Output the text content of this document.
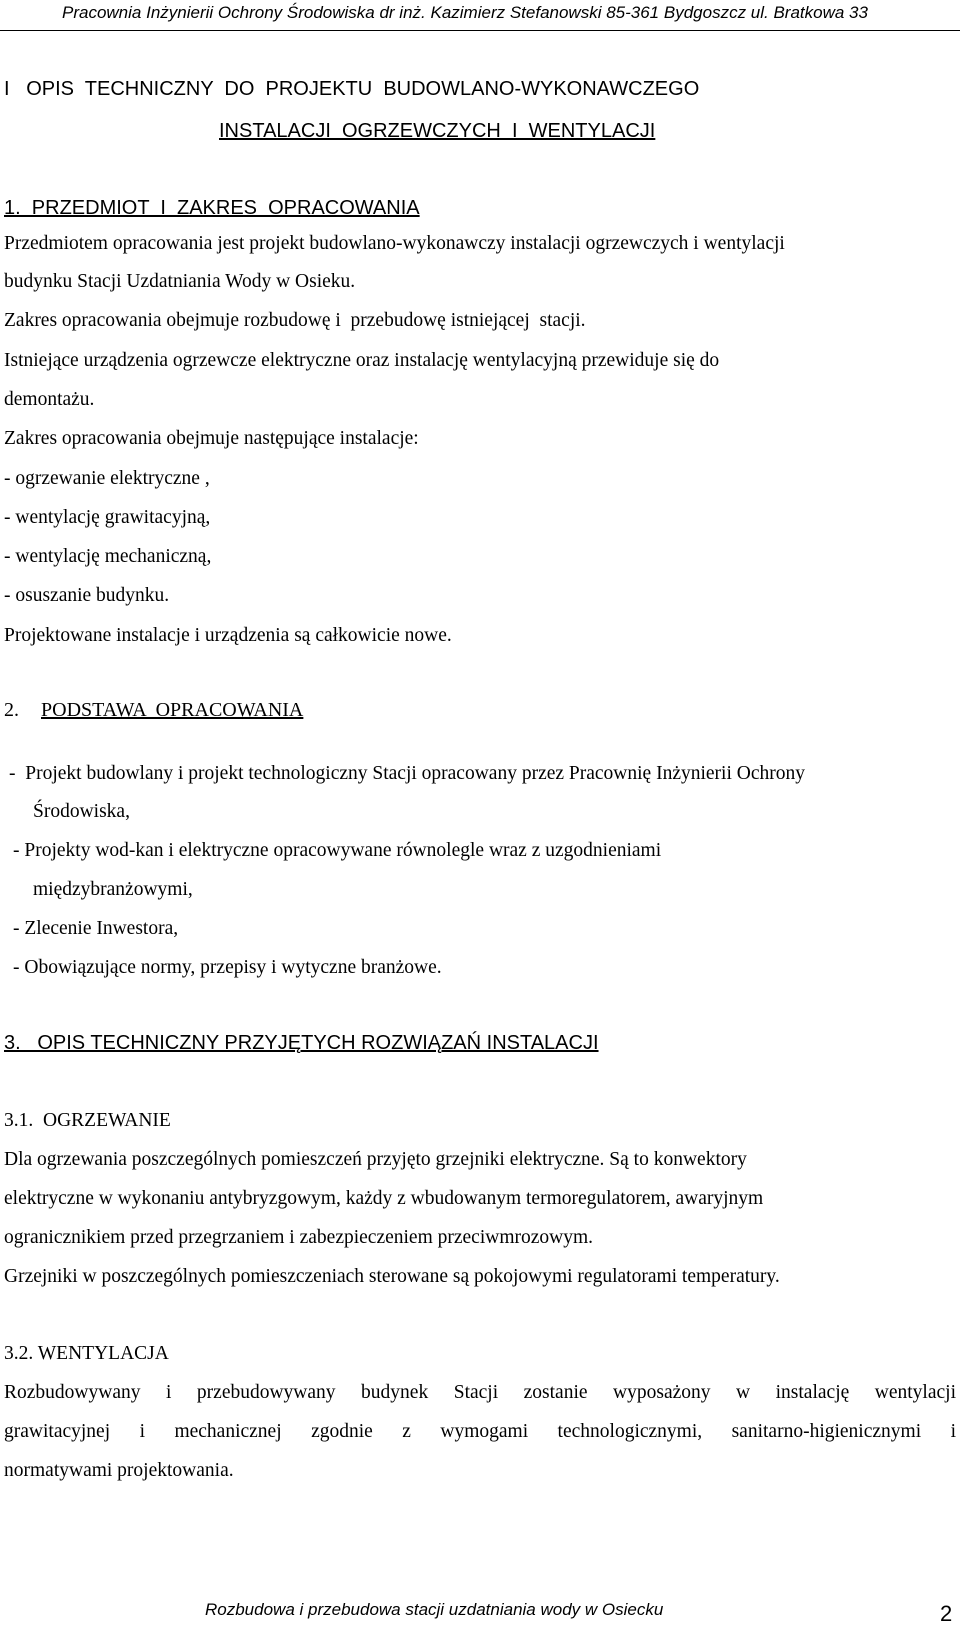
Pracownia Inżynierii Ochrony Środowiska dr inż. Kazimierz Stefanowski 85-361 Bydgoszcz ul. Bratkowa 33
I   OPIS  TECHNICZNY  DO  PROJEKTU  BUDOWLANO-WYKONAWCZEGO
INSTALACJI  OGRZEWCZYCH  I  WENTYLACJI
1.  PRZEDMIOT  I  ZAKRES  OPRACOWANIA
Przedmiotem opracowania jest projekt budowlano-wykonawczy instalacji ogrzewczych i wentylacji
budynku Stacji Uzdatniania Wody w Osieku.
Zakres opracowania obejmuje rozbudowę i  przebudowę istniejącej  stacji.
Istniejące urządzenia ogrzewcze elektryczne oraz instalację wentylacyjną przewiduje się do
demontażu.
Zakres opracowania obejmuje następujące instalacje:
- ogrzewanie elektryczne ,
- wentylację grawitacyjną,
- wentylację mechaniczną,
- osuszanie budynku.
Projektowane instalacje i urządzenia są całkowicie nowe.
2. PODSTAWA  OPRACOWANIA
-  Projekt budowlany i projekt technologiczny Stacji opracowany przez Pracownię Inżynierii Ochrony
Środowiska,
- Projekty wod-kan i elektryczne opracowywane równolegle wraz z uzgodnieniami
międzybranżowymi,
- Zlecenie Inwestora,
- Obowiązujące normy, przepisy i wytyczne branżowe.
3.   OPIS TECHNICZNY PRZYJĘTYCH ROZWIĄZAŃ INSTALACJI
3.1.  OGRZEWANIE
Dla ogrzewania poszczególnych pomieszczeń przyjęto grzejniki elektryczne. Są to konwektory
elektryczne w wykonaniu antybryzgowym, każdy z wbudowanym termoregulatorem, awaryjnym
ogranicznikiem przed przegrzaniem i zabezpieczeniem przeciwmrozowym.
Grzejniki w poszczególnych pomieszczeniach sterowane są pokojowymi regulatorami temperatury.
3.2. WENTYLACJA
Rozbudowywany i przebudowywany budynek Stacji zostanie wyposażony w instalację wentylacji
grawitacyjnej i mechanicznej zgodnie z wymogami technologicznymi, sanitarno-higienicznymi i
normatywami projektowania.
Rozbudowa i przebudowa stacji uzdatniania wody w Osiecku	2
